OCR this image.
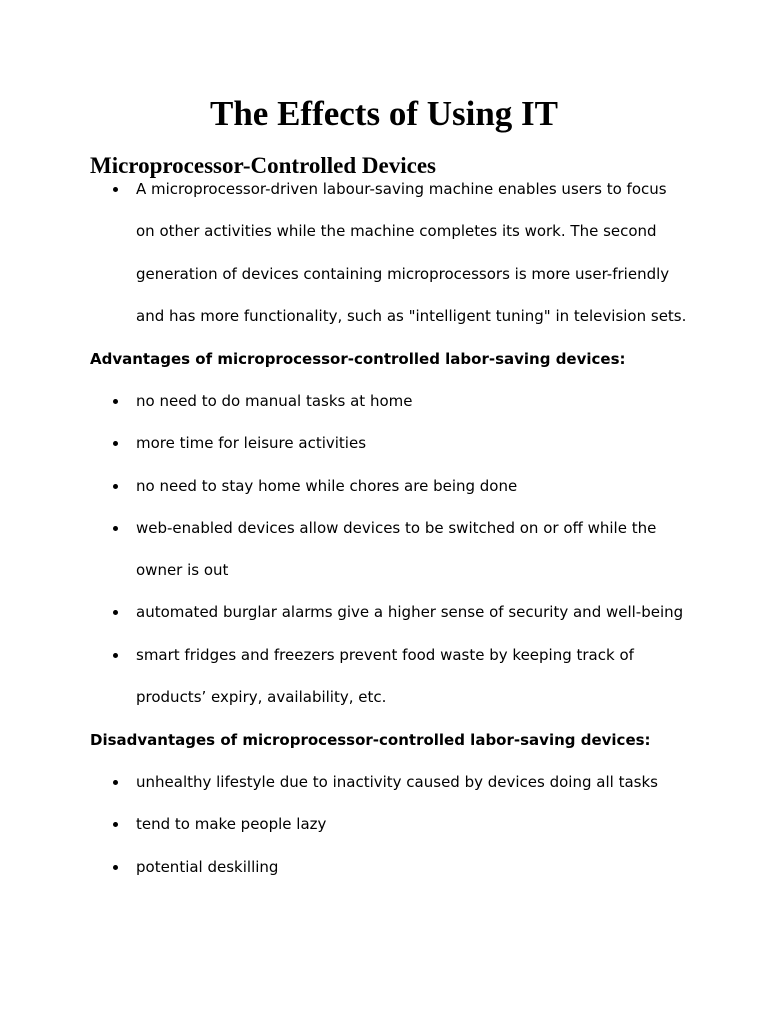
The Effects of Using IT
Microprocessor-Controlled Devices
A microprocessor-driven labour-saving machine enables users to focus on other activities while the machine completes its work. The second generation of devices containing microprocessors is more user-friendly and has more functionality, such as "intelligent tuning" in television sets.

Advantages of microprocessor-controlled labor-saving devices:

no need to do manual tasks at home
more time for leisure activities
no need to stay home while chores are being done
web-enabled devices allow devices to be switched on or off while the owner is out
automated burglar alarms give a higher sense of security and well-being
smart fridges and freezers prevent food waste by keeping track of products’ expiry, availability, etc.

Disadvantages of microprocessor-controlled labor-saving devices:

unhealthy lifestyle due to inactivity caused by devices doing all tasks
tend to make people lazy
potential deskilling
